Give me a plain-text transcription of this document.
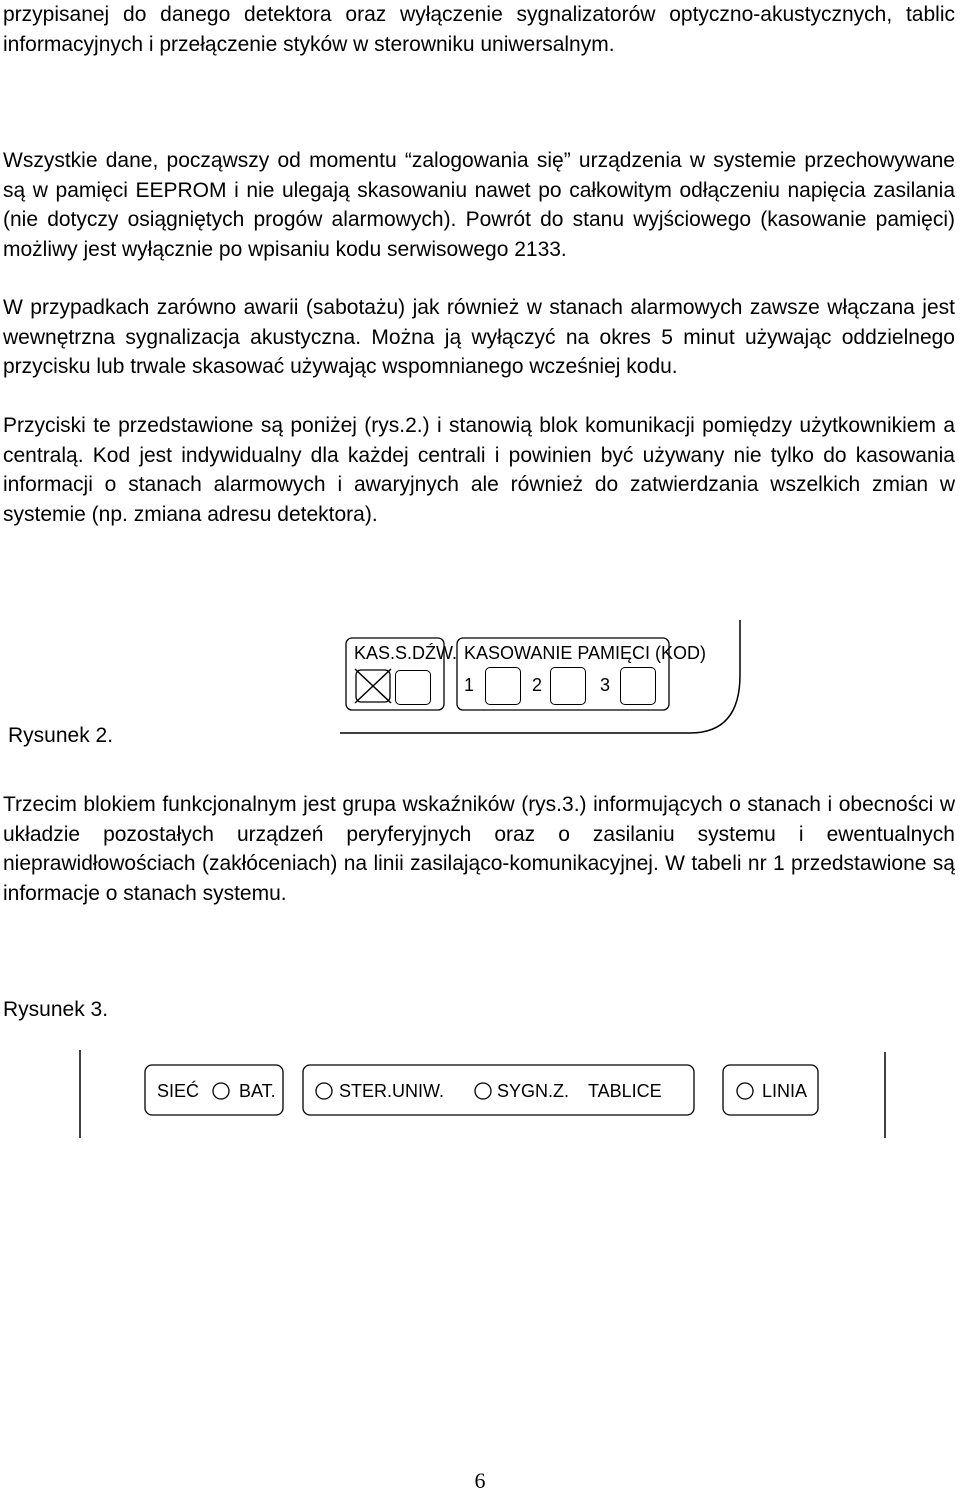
przypisanej do danego detektora oraz wyłączenie sygnalizatorów optyczno-akustycznych, tablic informacyjnych i przełączenie styków w sterowniku uniwersalnym.

Wszystkie dane, począwszy od momentu “zalogowania się” urządzenia w systemie przechowywane są w pamięci EEPROM i nie ulegają skasowaniu nawet po całkowitym odłączeniu napięcia zasilania (nie dotyczy osiągniętych progów alarmowych). Powrót do stanu wyjściowego (kasowanie pamięci) możliwy jest wyłącznie po wpisaniu kodu serwisowego 2133.

W przypadkach zarówno awarii (sabotażu) jak również w stanach alarmowych zawsze włączana jest wewnętrzna sygnalizacja akustyczna. Można ją wyłączyć na okres 5 minut używając oddzielnego przycisku lub trwale skasować używając wspomnianego wcześniej kodu.

Przyciski te przedstawione są poniżej (rys.2.) i stanowią blok komunikacji pomiędzy użytkownikiem a centralą. Kod jest indywidualny dla każdej centrali i powinien być używany nie tylko do kasowania informacji o stanach alarmowych i awaryjnych ale również do zatwierdzania wszelkich zmian w systemie (np. zmiana adresu detektora).

Rysunek 2.

KAS.S.DŹW. KASOWANIE PAMIĘCI (KOD)
1	2	3

Trzecim blokiem funkcjonalnym jest grupa wskaźników (rys.3.) informujących o stanach i obecności w układzie pozostałych urządzeń peryferyjnych oraz o zasilaniu systemu i ewentualnych nieprawidłowościach (zakłóceniach) na linii zasilająco-komunikacyjnej. W tabeli nr 1 przedstawione są informacje o stanach systemu.

Rysunek 3.

SIEĆ BAT.	STER.UNIW.	SYGN.Z. TABLICE	LINIA
6
